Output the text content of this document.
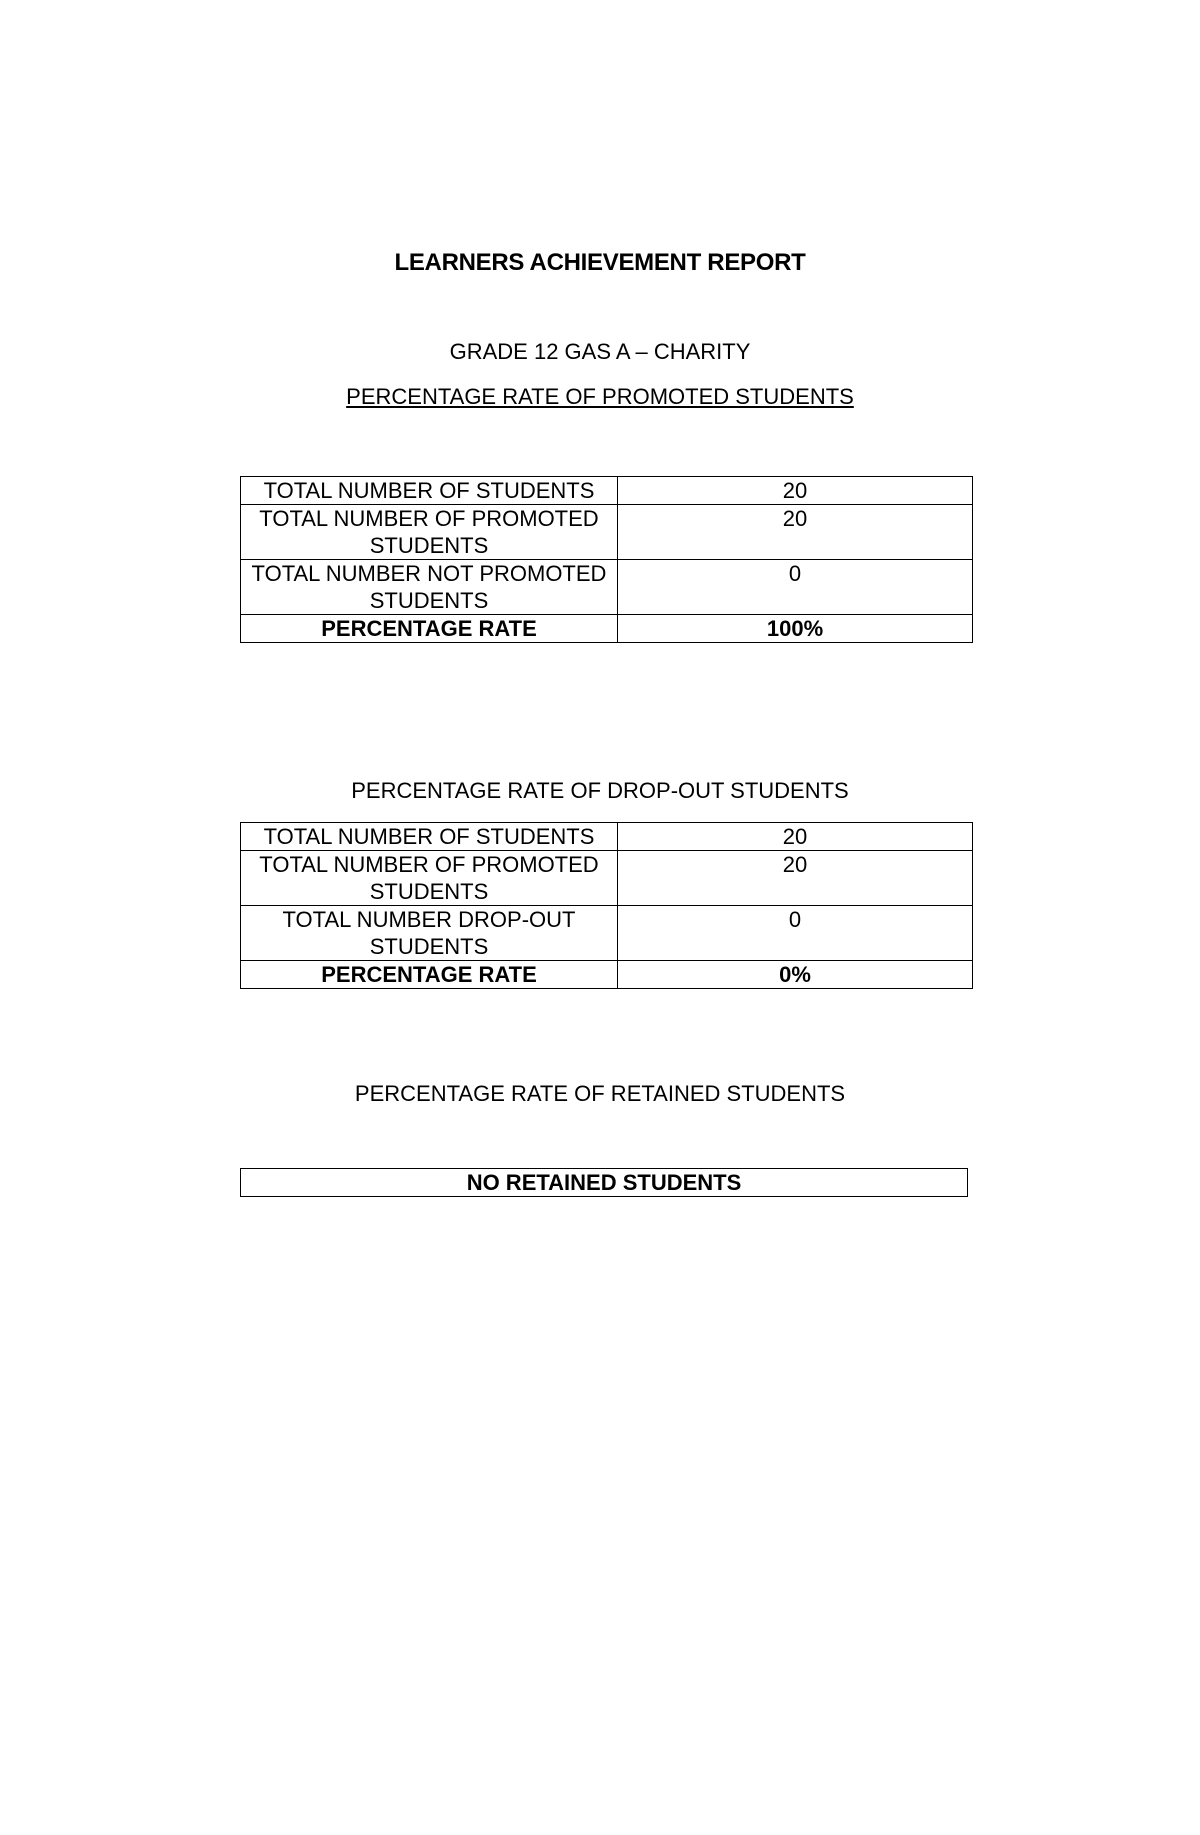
LEARNERS ACHIEVEMENT REPORT
GRADE 12 GAS A – CHARITY
PERCENTAGE RATE OF PROMOTED STUDENTS
TOTAL NUMBER OF STUDENTS	20
TOTAL NUMBER OF PROMOTED STUDENTS	20
TOTAL NUMBER NOT PROMOTED STUDENTS	0
PERCENTAGE RATE	100%
PERCENTAGE RATE OF DROP-OUT STUDENTS
TOTAL NUMBER OF STUDENTS	20
TOTAL NUMBER OF PROMOTED STUDENTS	20
TOTAL NUMBER DROP-OUT STUDENTS	0
PERCENTAGE RATE	0%
PERCENTAGE RATE OF RETAINED STUDENTS
NO RETAINED STUDENTS
